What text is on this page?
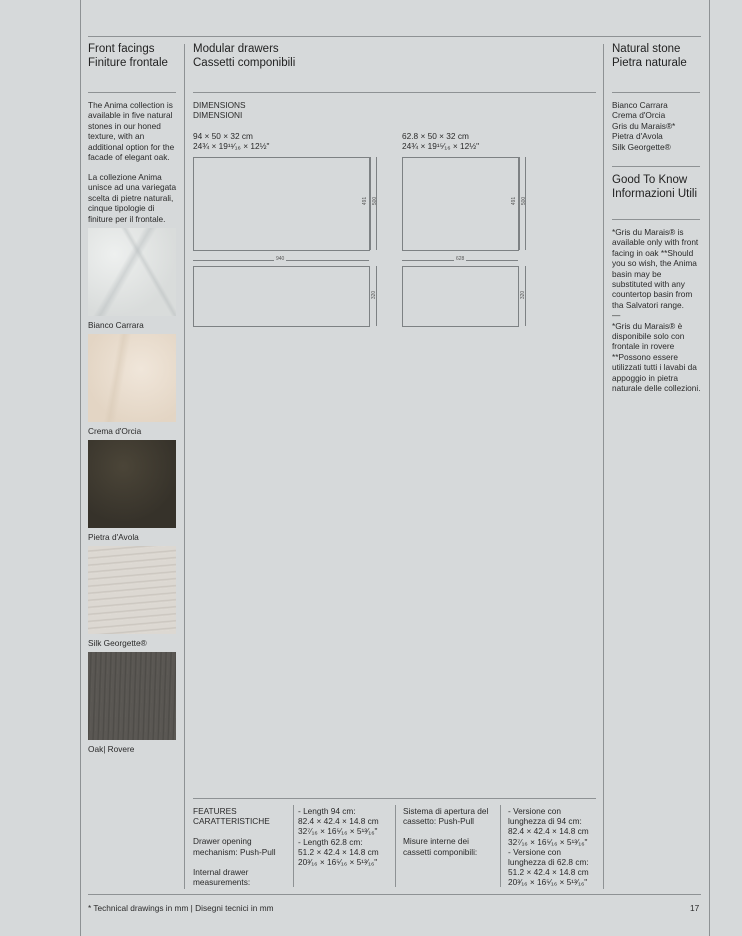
Front facings
Finiture frontale
The Anima collection is available in five natural stones in our honed texture, with an additional option for the facade of elegant oak.
La collezione Anima unisce ad una variegata scelta di pietre naturali, cinque tipologie di finiture per il frontale.
Bianco Carrara
Crema d'Orcia
Pietra d'Avola
Silk Georgette®
Oak| Rovere
Modular drawers
Cassetti componibili
DIMENSIONS
DIMENSIONI
94 × 50 × 32 cm
24¾ × 19¹¹⁄₁₆ × 12½"
62.8 × 50 × 32 cm
24¾ × 19¹⁵⁄₁₆ × 12½"
491 500
940
320
491 500
628
320
FEATURES
CARATTERISTICHE
Drawer opening mechanism: Push-Pull
Internal drawer measurements:
- Length 94 cm:
82.4 × 42.4 × 14.8 cm
32⁷⁄₁₆ × 16⁵⁄₁₆ × 5¹³⁄₁₆"
- Length 62.8 cm:
51.2 × 42.4 × 14.8 cm
20³⁄₁₆ × 16⁵⁄₁₆ × 5¹³⁄₁₆"
Sistema di apertura del cassetto: Push-Pull
Misure interne dei cassetti componibili:
- Versione con
lunghezza di 94 cm:
82.4 × 42.4 × 14.8 cm
32⁷⁄₁₆ × 16⁵⁄₁₆ × 5¹³⁄₁₆"
- Versione con
lunghezza di 62.8 cm:
51.2 × 42.4 × 14.8 cm
20³⁄₁₆ × 16⁵⁄₁₆ × 5¹³⁄₁₆"
Natural stone
Pietra naturale
Bianco Carrara
Crema d'Orcia
Gris du Marais®*
Pietra d'Avola
Silk Georgette®
Good To Know
Informazioni Utili
*Gris du Marais® is available only with front facing in oak **Should you so wish, the Anima basin may be substituted with any countertop basin from tha Salvatori range.
—
*Gris du Marais® è disponibile solo con frontale in rovere **Possono essere utilizzati tutti i lavabi da appoggio in pietra naturale delle collezioni.
* Technical drawings in mm | Disegni tecnici in mm	17
